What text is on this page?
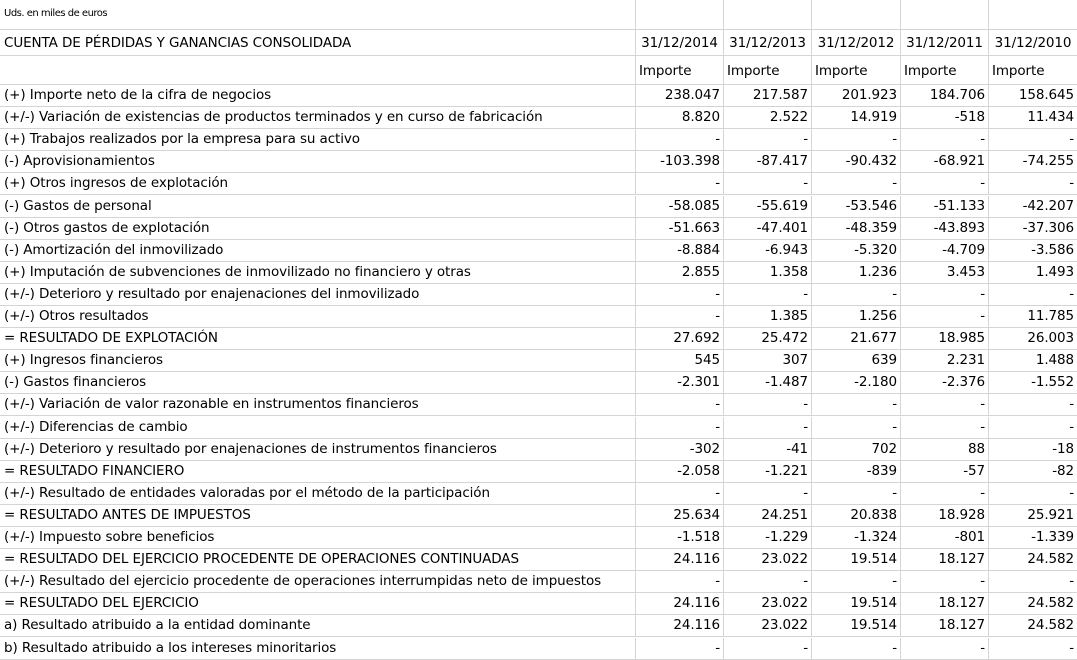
Uds. en miles de euros
CUENTA DE PÉRDIDAS Y GANANCIAS CONSOLIDADA	31/12/2014 31/12/2013 31/12/2012 31/12/2011 31/12/2010
Importe	Importe	Importe	Importe	Importe
(+) Importe neto de la cifra de negocios	238.047	217.587	201.923	184.706	158.645
(+/-) Variación de existencias de productos terminados y en curso de fabricación	8.820	2.522	14.919	-518	11.434
(+) Trabajos realizados por la empresa para su activo	-	-	-	-	-
(-) Aprovisionamientos	-103.398	-87.417	-90.432	-68.921	-74.255
(+) Otros ingresos de explotación	-	-	-	-	-
(-) Gastos de personal	-58.085	-55.619	-53.546	-51.133	-42.207
(-) Otros gastos de explotación	-51.663	-47.401	-48.359	-43.893	-37.306
(-) Amortización del inmovilizado	-8.884	-6.943	-5.320	-4.709	-3.586
(+) Imputación de subvenciones de inmovilizado no financiero y otras	2.855	1.358	1.236	3.453	1.493
(+/-) Deterioro y resultado por enajenaciones del inmovilizado	-	-	-	-	-
(+/-) Otros resultados	-	1.385	1.256	-	11.785
= RESULTADO DE EXPLOTACIÓN	27.692	25.472	21.677	18.985	26.003
(+) Ingresos financieros	545	307	639	2.231	1.488
(-) Gastos financieros	-2.301	-1.487	-2.180	-2.376	-1.552
(+/-) Variación de valor razonable en instrumentos financieros	-	-	-	-	-
(+/-) Diferencias de cambio	-	-	-	-	-
(+/-) Deterioro y resultado por enajenaciones de instrumentos financieros	-302	-41	702	88	-18
= RESULTADO FINANCIERO	-2.058	-1.221	-839	-57	-82
(+/-) Resultado de entidades valoradas por el método de la participación	-	-	-	-	-
= RESULTADO ANTES DE IMPUESTOS	25.634	24.251	20.838	18.928	25.921
(+/-) Impuesto sobre beneficios	-1.518	-1.229	-1.324	-801	-1.339
= RESULTADO DEL EJERCICIO PROCEDENTE DE OPERACIONES CONTINUADAS	24.116	23.022	19.514	18.127	24.582
(+/-) Resultado del ejercicio procedente de operaciones interrumpidas neto de impuestos	-	-	-	-	-
= RESULTADO DEL EJERCICIO	24.116	23.022	19.514	18.127	24.582
a) Resultado atribuido a la entidad dominante	24.116	23.022	19.514	18.127	24.582
b) Resultado atribuido a los intereses minoritarios	-	-	-	-	-
